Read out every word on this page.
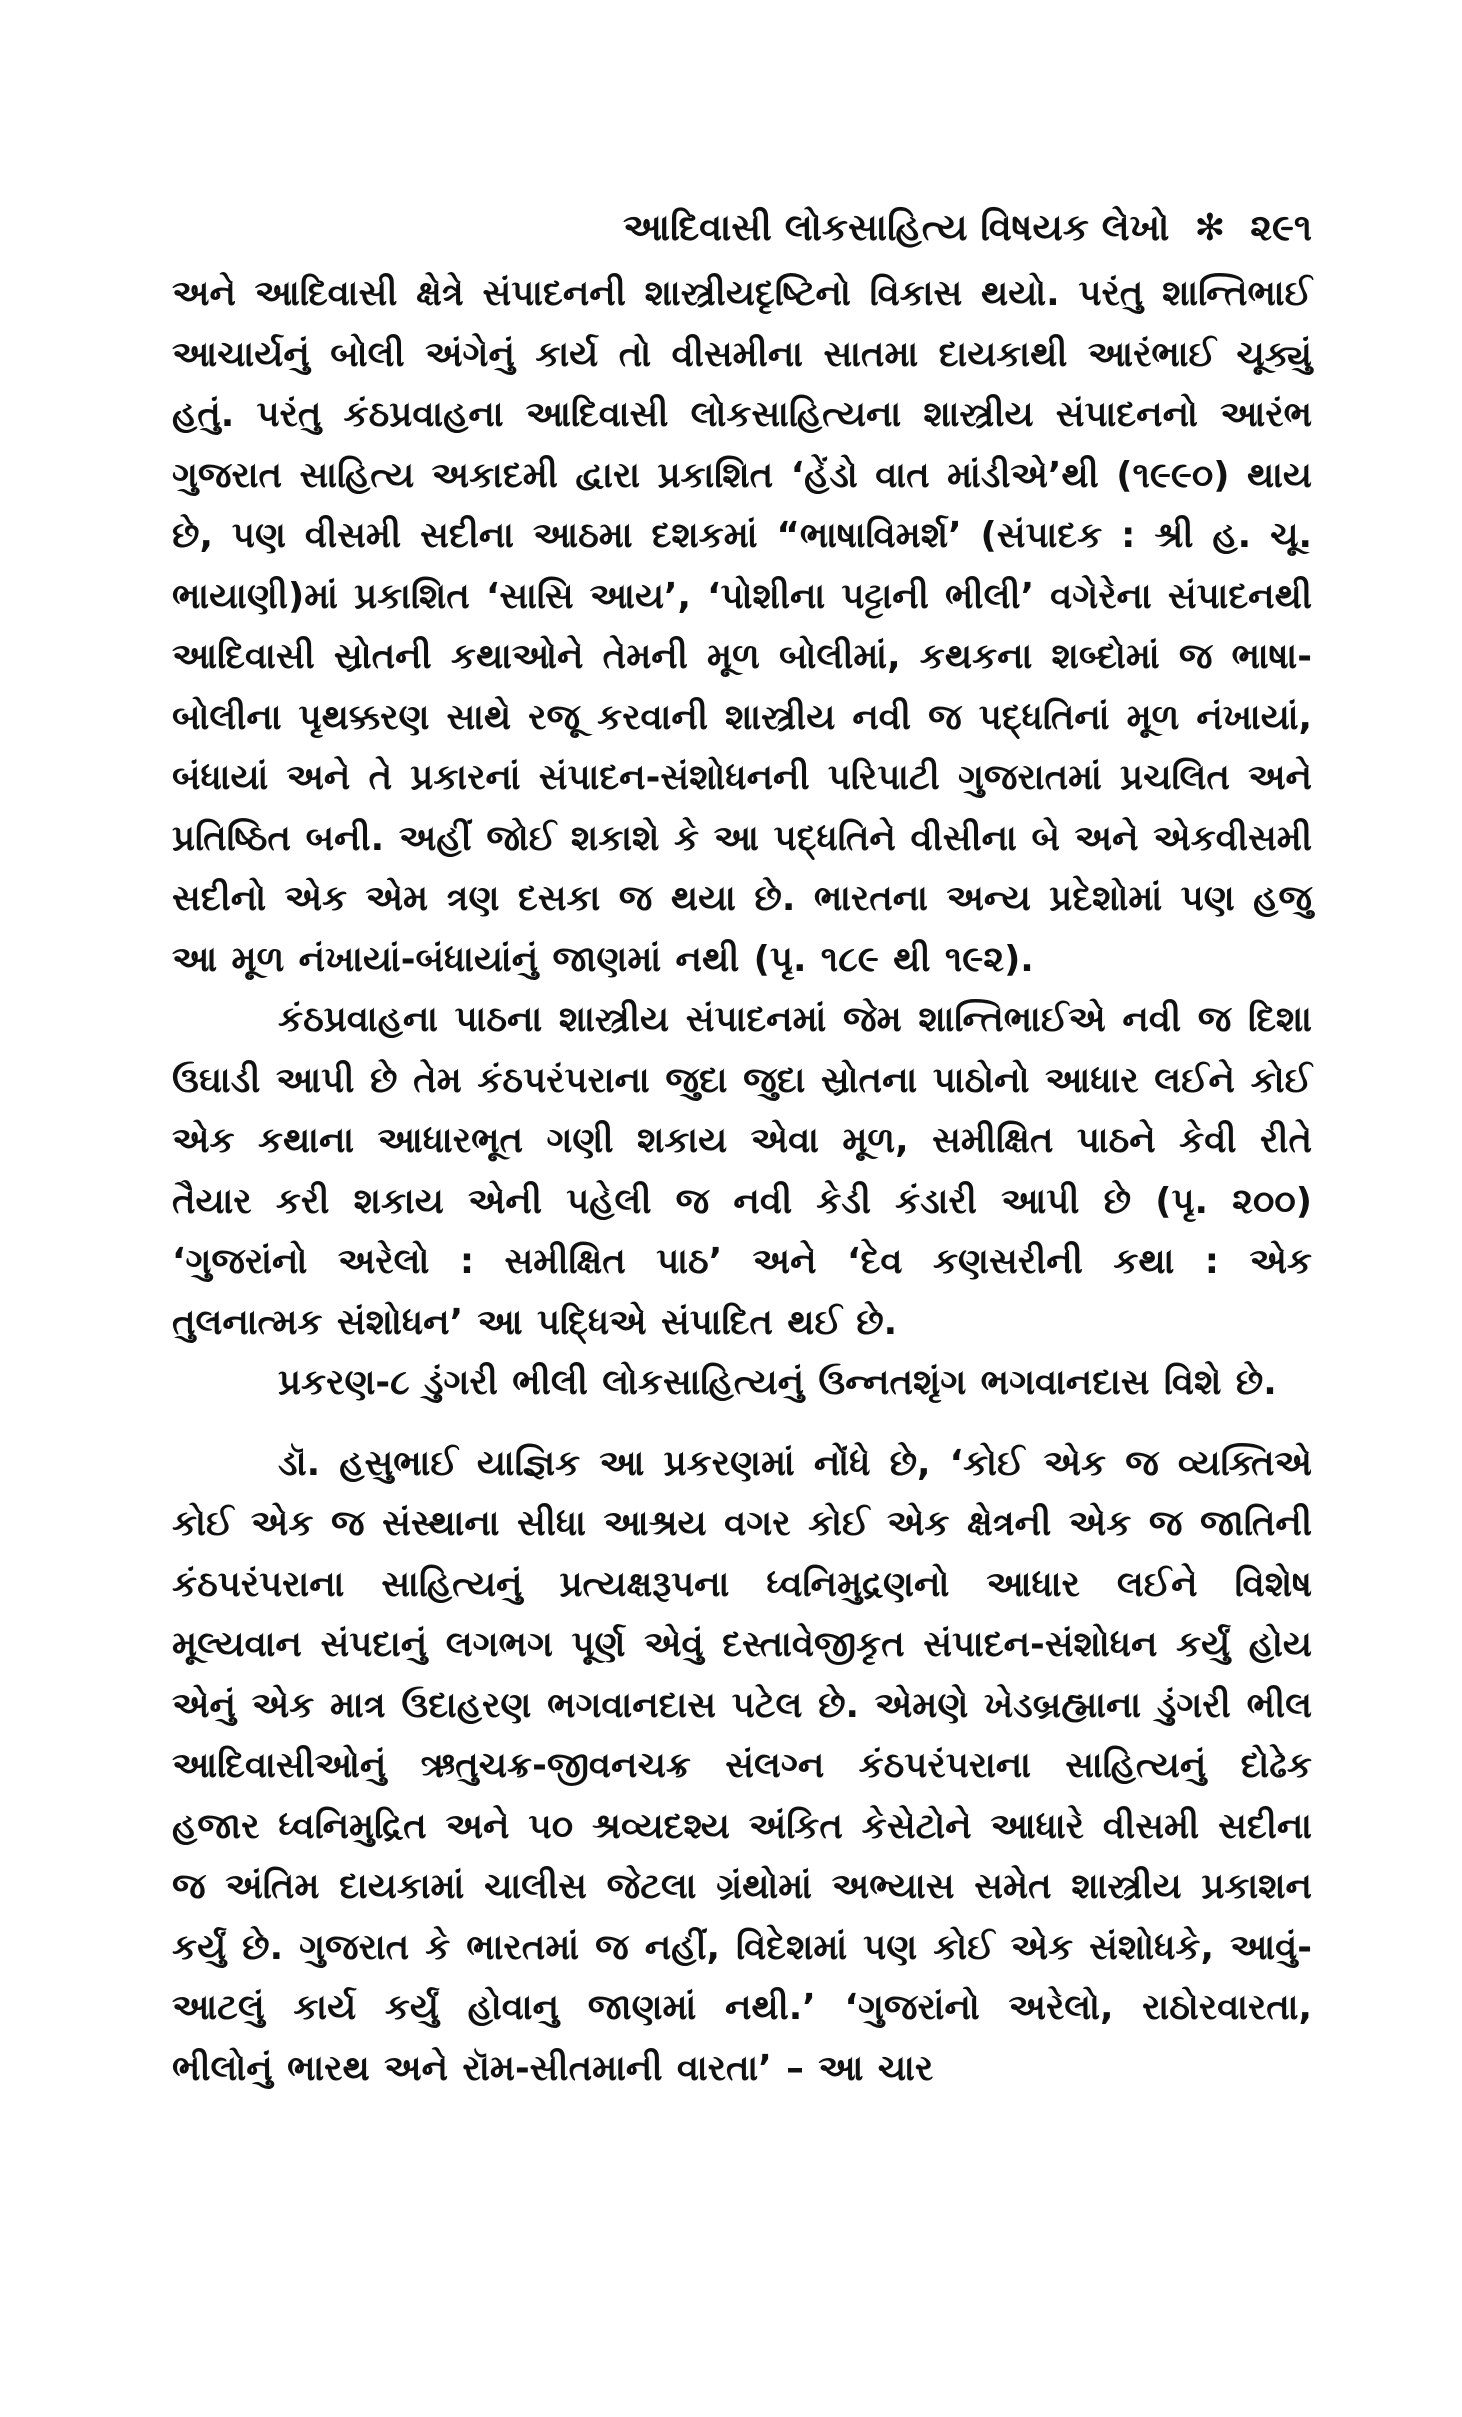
આદિવાસી લોકસાહિત્ય વિષયક લેખો ✻ ૨૯૧

અને આદિવાસી ક્ષેત્રે સંપાદનની શાસ્ત્રીયદૃષ્ટિનો વિકાસ થયો. પરંતુ શાન્તિભાઈ આચાર્યનું બોલી અંગેનું કાર્ય તો વીસમીના સાતમા દાયકાથી આરંભાઈ ચૂક્યું હતું. પરંતુ કંઠપ્રવાહના આદિવાસી લોકસાહિત્યના શાસ્ત્રીય સંપાદનનો આરંભ ગુજરાત સાહિત્ય અકાદમી દ્વારા પ્રકાશિત ‘હેંડો વાત માંડીએ’થી (૧૯૯૦) થાય છે, પણ વીસમી સદીના આઠમા દશકમાં “ભાષાવિમર્શ’ (સંપાદક : શ્રી હ. ચૂ. ભાયાણી)માં પ્રકાશિત ‘સાસિ આય’, ‘પોશીના પટ્ટાની ભીલી’ વગેરેના સંપાદનથી આદિવાસી સ્રોતની કથાઓને તેમની મૂળ બોલીમાં, કથકના શબ્દોમાં જ ભાષા-બોલીના પૃથક્કરણ સાથે રજૂ કરવાની શાસ્ત્રીય નવી જ પદ્ધતિનાં મૂળ નંખાયાં, બંધાયાં અને તે પ્રકારનાં સંપાદન-સંશોધનની પરિપાટી ગુજરાતમાં પ્રચલિત અને પ્રતિષ્ઠિત બની. અહીં જોઈ શકાશે કે આ પદ્ધતિને વીસીના બે અને એકવીસમી સદીનો એક એમ ત્રણ દસકા જ થયા છે. ભારતના અન્ય પ્રદેશોમાં પણ હજુ આ મૂળ નંખાયાં-બંધાયાંનું જાણમાં નથી (પૃ. ૧૮૯ થી ૧૯૨).

કંઠપ્રવાહના પાઠના શાસ્ત્રીય સંપાદનમાં જેમ શાન્તિભાઈએ નવી જ દિશા ઉઘાડી આપી છે તેમ કંઠપરંપરાના જુદા જુદા સ્રોતના પાઠોનો આધાર લઈને કોઈ એક કથાના આધારભૂત ગણી શકાય એવા મૂળ, સમીક્ષિત પાઠને કેવી રીતે તૈયાર કરી શકાય એની પહેલી જ નવી કેડી કંડારી આપી છે (પૃ. ૨૦૦) ‘ગુજરાંનો અરેલો : સમીક્ષિત પાઠ’ અને ‘દેવ કણસરીની કથા : એક તુલનાત્મક સંશોધન’ આ પદ્ધિએ સંપાદિત થઈ છે.

પ્રકરણ-૮ ડુંગરી ભીલી લોકસાહિત્યનું ઉન્નતશૃંગ ભગવાનદાસ વિશે છે.

ડૉ. હસુભાઈ યાજ્ઞિક આ પ્રકરણમાં નોંધે છે, ‘કોઈ એક જ વ્યક્તિએ કોઈ એક જ સંસ્થાના સીધા આશ્રય વગર કોઈ એક ક્ષેત્રની એક જ જાતિની કંઠપરંપરાના સાહિત્યનું પ્રત્યક્ષરૂપના ધ્વનિમુદ્રણનો આધાર લઈને વિશેષ મૂલ્યવાન સંપદાનું લગભગ પૂર્ણ એવું દસ્તાવેજીકૃત સંપાદન-સંશોધન કર્યું હોય એનું એક માત્ર ઉદાહરણ ભગવાનદાસ પટેલ છે. એમણે ખેડબ્રહ્માના ડુંગરી ભીલ આદિવાસીઓનું ઋતુચક્ર-જીવનચક્ર સંલગ્ન કંઠપરંપરાના સાહિત્યનું દોઢેક હજાર ધ્વનિમુદ્રિત અને ૫૦ શ્રવ્યદશ્ય અંકિત કેસેટોને આધારે વીસમી સદીના જ અંતિમ દાયકામાં ચાલીસ જેટલા ગ્રંથોમાં અભ્યાસ સમેત શાસ્ત્રીય પ્રકાશન કર્યું છે. ગુજરાત કે ભારતમાં જ નહીં, વિદેશમાં પણ કોઈ એક સંશોધકે, આવું-આટલું કાર્ય કર્યું હોવાનુ જાણમાં નથી.’ ‘ગુજરાંનો અરેલો, રાઠોરવારતા, ભીલોનું ભારથ અને રૉમ-સીતમાની વારતા’ – આ ચાર
